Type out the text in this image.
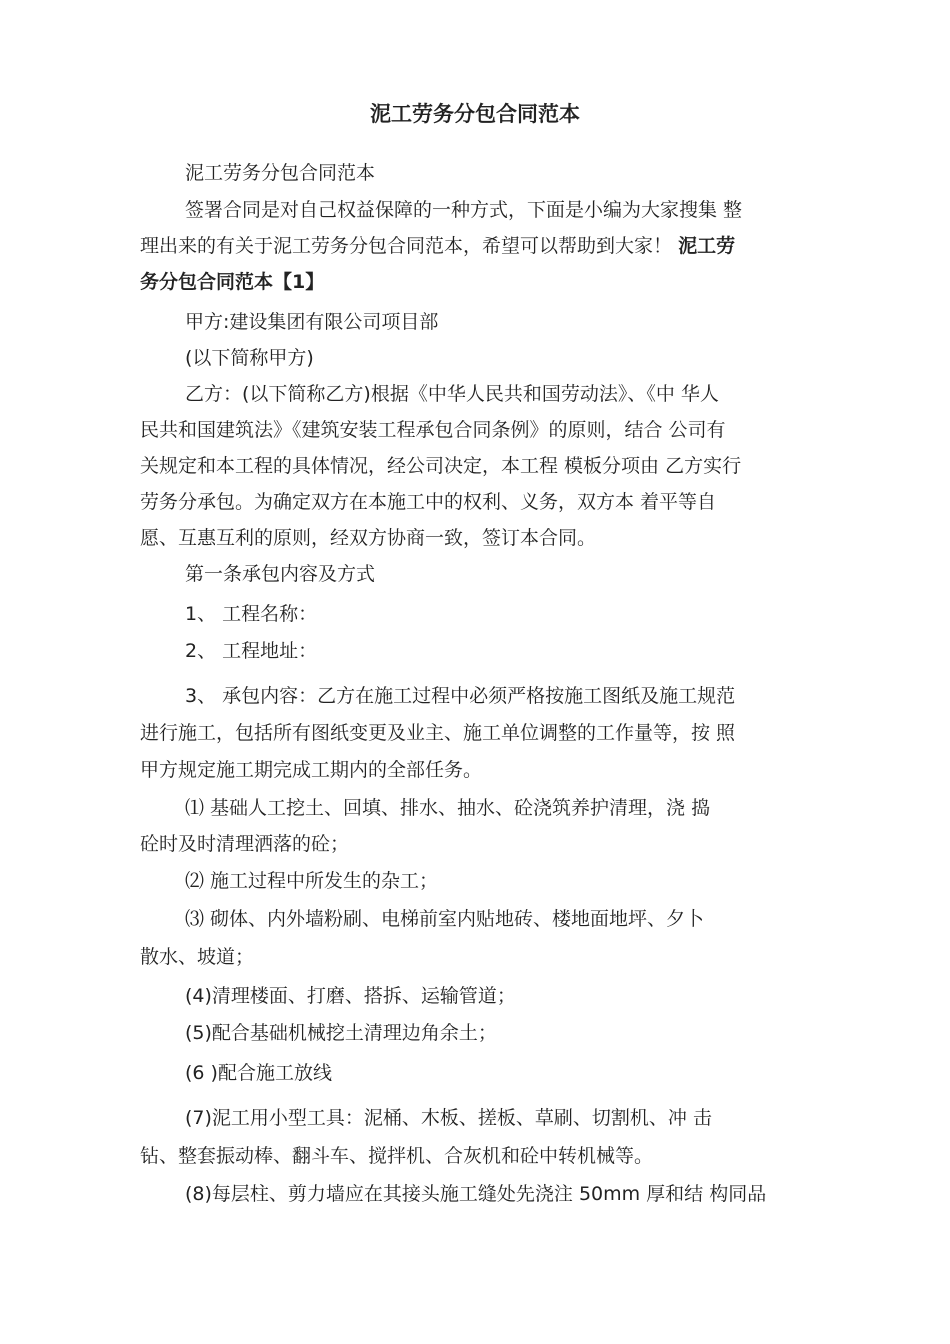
泥工劳务分包合同范本
泥工劳务分包合同范本
签署合同是对自己权益保障的一种方式，下面是小编为大家搜集 整
理出来的有关于泥工劳务分包合同范本，希望可以帮助到大家！ 泥工劳
务分包合同范本【1】
甲方:建设集团有限公司项目部
(以下简称甲方)
乙方：(以下简称乙方)根据《中华人民共和国劳动法》、《中 华人
民共和国建筑法》《建筑安装工程承包合同条例》的原则，结合 公司有
关规定和本工程的具体情况，经公司决定，本工程 模板分项由 乙方实行
劳务分承包。为确定双方在本施工中的权利、义务，双方本 着平等自
愿、互惠互利的原则，经双方协商一致，签订本合同。
第一条承包内容及方式
1、 工程名称：
2、 工程地址：
3、 承包内容：乙方在施工过程中必须严格按施工图纸及施工规范
进行施工，包括所有图纸变更及业主、施工单位调整的工作量等，按 照
甲方规定施工期完成工期内的全部任务。
⑴ 基础人工挖土、回填、排水、抽水、砼浇筑养护清理，浇 捣
砼时及时清理洒落的砼；
⑵ 施工过程中所发生的杂工；
⑶ 砌体、内外墙粉刷、电梯前室内贴地砖、楼地面地坪、夕卜
散水、坡道；
(4)清理楼面、打磨、搭拆、运输管道；
(5)配合基础机械挖土清理边角余土；
(6 )配合施工放线
(7)泥工用小型工具：泥桶、木板、搓板、草刷、切割机、冲 击
钻、整套振动棒、翻斗车、搅拌机、合灰机和砼中转机械等。
(8)每层柱、剪力墙应在其接头施工缝处先浇注 50mm 厚和结 构同品
